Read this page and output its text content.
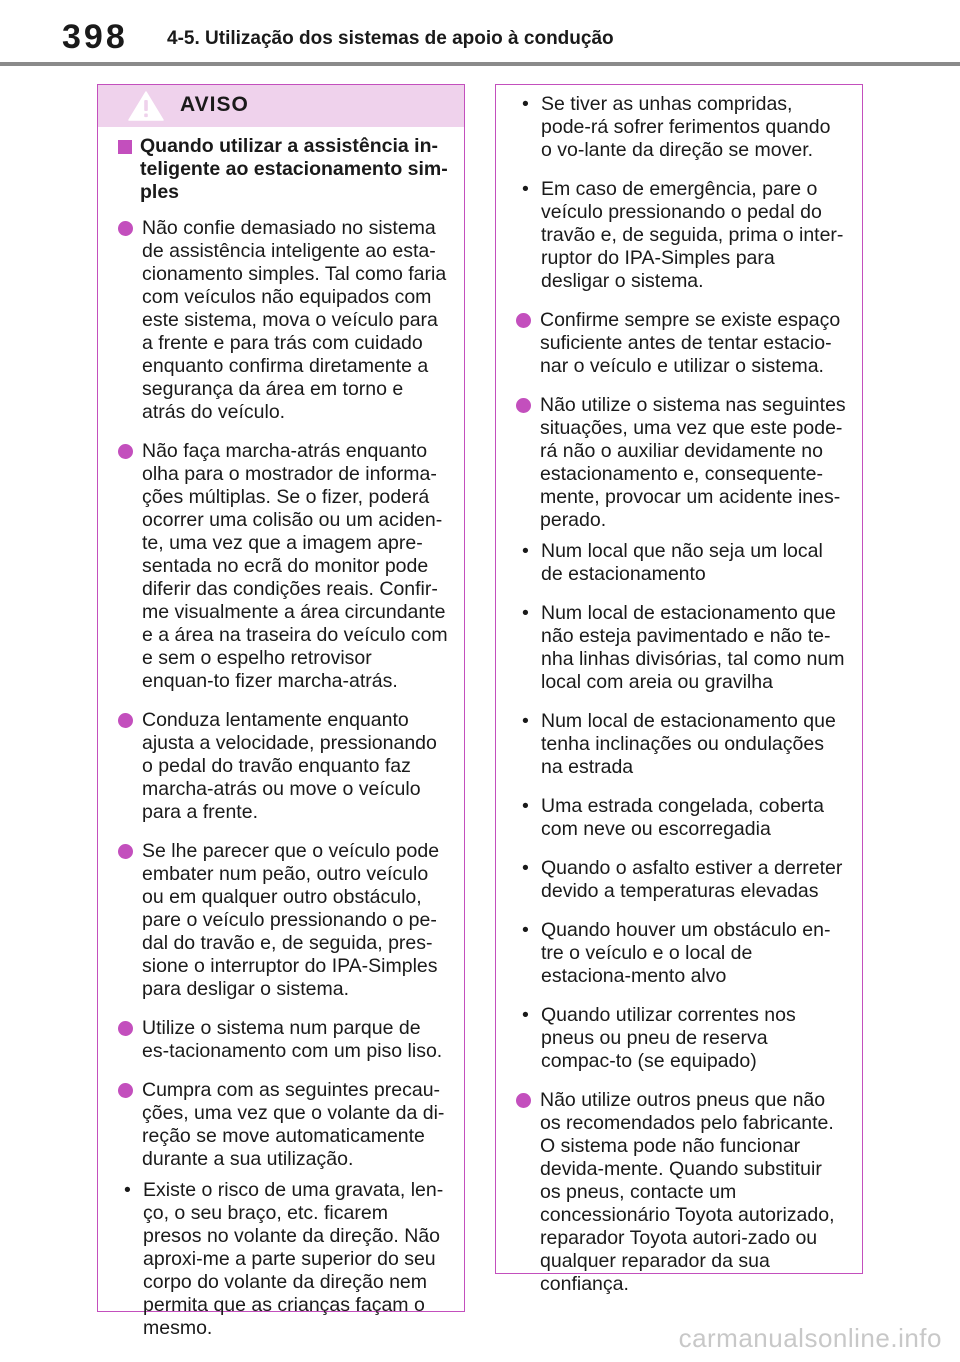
398 4-5. Utilização dos sistemas de apoio à condução
AVISO
Quando utilizar a assistência in-teligente ao estacionamento sim-ples
Não confie demasiado no sistema de assistência inteligente ao esta-cionamento simples. Tal como faria com veículos não equipados com este sistema, mova o veículo para a frente e para trás com cuidado enquanto confirma diretamente a segurança da área em torno e atrás do veículo.
Não faça marcha-atrás enquanto olha para o mostrador de informa-ções múltiplas. Se o fizer, poderá ocorrer uma colisão ou um aciden-te, uma vez que a imagem apre-sentada no ecrã do monitor pode diferir das condições reais. Confir-me visualmente a área circundante e a área na traseira do veículo com e sem o espelho retrovisor enquan-to fizer marcha-atrás.
Conduza lentamente enquanto ajusta a velocidade, pressionando o pedal do travão enquanto faz marcha-atrás ou move o veículo para a frente.
Se lhe parecer que o veículo pode embater num peão, outro veículo ou em qualquer outro obstáculo, pare o veículo pressionando o pe-dal do travão e, de seguida, pres-sione o interruptor do IPA-Simples para desligar o sistema.
Utilize o sistema num parque de es-tacionamento com um piso liso.
Cumpra com as seguintes precau-ções, uma vez que o volante da di-reção se move automaticamente durante a sua utilização.
• Existe o risco de uma gravata, len-ço, o seu braço, etc. ficarem presos no volante da direção. Não aproxi-me a parte superior do seu corpo do volante da direção nem permita que as crianças façam o mesmo.
• Se tiver as unhas compridas, pode-rá sofrer ferimentos quando o vo-lante da direção se mover.
• Em caso de emergência, pare o veículo pressionando o pedal do travão e, de seguida, prima o inter-ruptor do IPA-Simples para desligar o sistema.
Confirme sempre se existe espaço suficiente antes de tentar estacio-nar o veículo e utilizar o sistema.
Não utilize o sistema nas seguintes situações, uma vez que este pode-rá não o auxiliar devidamente no estacionamento e, consequente-mente, provocar um acidente ines-perado.
• Num local que não seja um local de estacionamento
• Num local de estacionamento que não esteja pavimentado e não te-nha linhas divisórias, tal como num local com areia ou gravilha
• Num local de estacionamento que tenha inclinações ou ondulações na estrada
• Uma estrada congelada, coberta com neve ou escorregadia
• Quando o asfalto estiver a derreter devido a temperaturas elevadas
• Quando houver um obstáculo en-tre o veículo e o local de estaciona-mento alvo
• Quando utilizar correntes nos pneus ou pneu de reserva compac-to (se equipado)
Não utilize outros pneus que não os recomendados pelo fabricante. O sistema pode não funcionar devida-mente. Quando substituir os pneus, contacte um concessionário Toyota autorizado, reparador Toyota autori-zado ou qualquer reparador da sua confiança.
carmanualsonline.info
